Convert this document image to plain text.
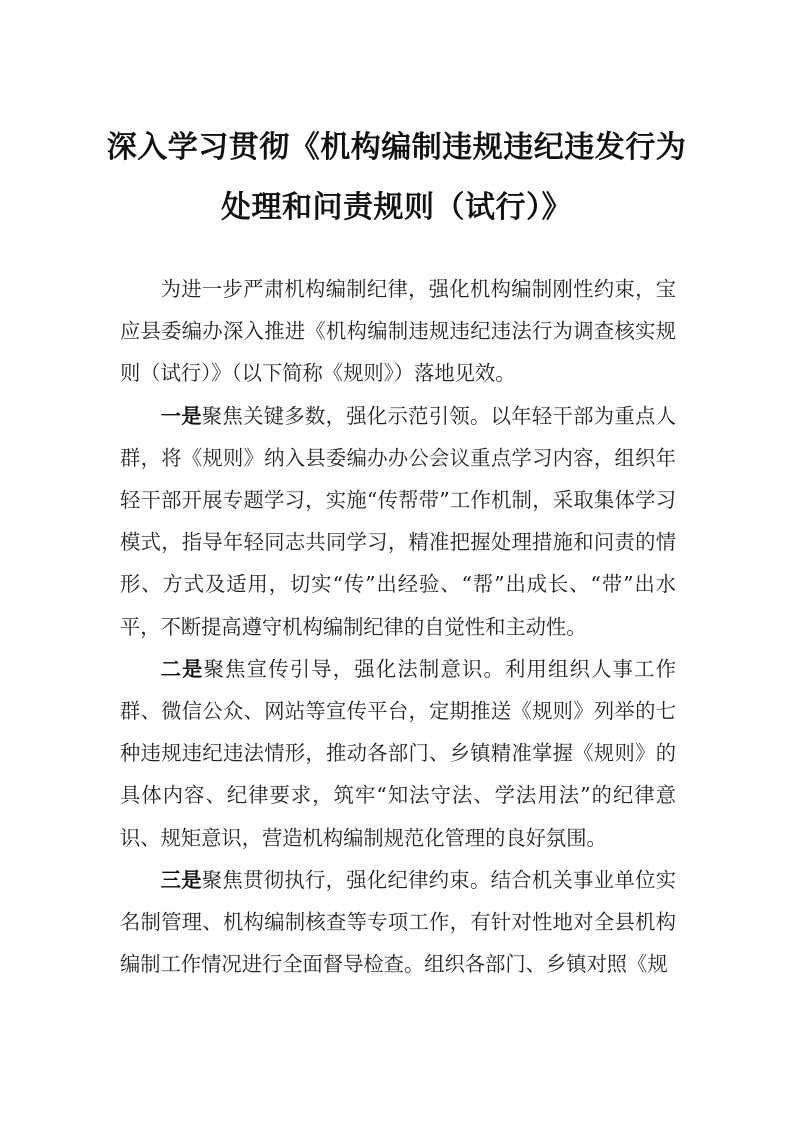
深入学习贯彻《机构编制违规违纪违发行为
处理和问责规则（试行）》

为进一步严肃机构编制纪律，强化机构编制刚性约束，宝应县委编办深入推进《机构编制违规违纪违法行为调查核实规则（试行）》（以下简称《规则》）落地见效。

一是聚焦关键多数，强化示范引领。以年轻干部为重点人群，将《规则》纳入县委编办办公会议重点学习内容，组织年轻干部开展专题学习，实施“传帮带”工作机制，采取集体学习模式，指导年轻同志共同学习，精准把握处理措施和问责的情形、方式及适用，切实“传”出经验、“帮”出成长、“带”出水平，不断提高遵守机构编制纪律的自觉性和主动性。

二是聚焦宣传引导，强化法制意识。利用组织人事工作群、微信公众、网站等宣传平台，定期推送《规则》列举的七种违规违纪违法情形，推动各部门、乡镇精准掌握《规则》的具体内容、纪律要求，筑牢“知法守法、学法用法”的纪律意识、规矩意识，营造机构编制规范化管理的良好氛围。

三是聚焦贯彻执行，强化纪律约束。结合机关事业单位实名制管理、机构编制核查等专项工作，有针对性地对全县机构编制工作情况进行全面督导检查。组织各部门、乡镇对照《规
